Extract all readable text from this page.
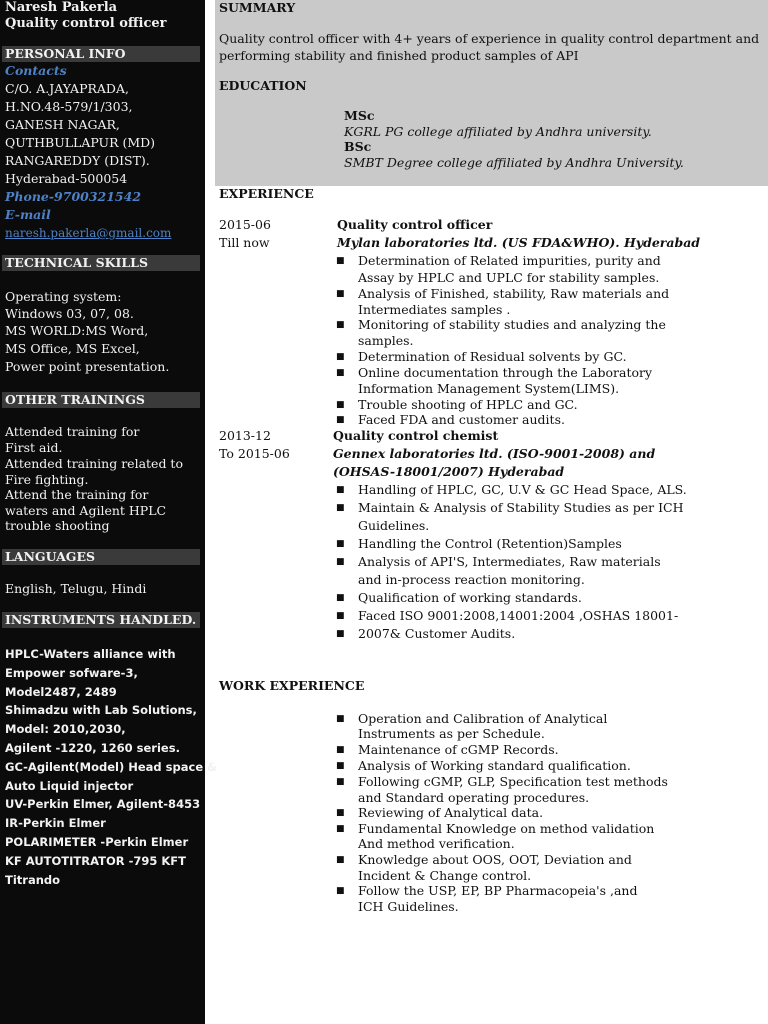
Naresh Pakerla
Quality control officer
PERSONAL INFO
Contacts
C/O. A.JAYAPRADA,
H.NO.48-579/1/303,
GANESH NAGAR,
QUTHBULLAPUR (MD)
RANGAREDDY (DIST).
Hyderabad-500054
Phone-9700321542
E-mail
naresh.pakerla@gmail.com
TECHNICAL SKILLS
Operating system:
Windows 03, 07, 08.
MS WORLD:MS Word,
MS Office, MS Excel,
Power point presentation.
OTHER TRAININGS
Attended training for
First aid.
Attended training related to
Fire fighting.
Attend the training for
waters and Agilent HPLC
trouble shooting
LANGUAGES
English, Telugu, Hindi
INSTRUMENTS HANDLED.
HPLC-Waters alliance with
Empower sofware-3,
Model2487, 2489
Shimadzu with Lab Solutions,
Model: 2010,2030,
Agilent -1220, 1260 series.
GC-Agilent(Model) Head space &
Auto Liquid injector
UV-Perkin Elmer, Agilent-8453
IR-Perkin Elmer
POLARIMETER -Perkin Elmer
KF AUTOTITRATOR -795 KFT
Titrando
SUMMARY
Quality control officer with 4+ years of experience in quality control department and
performing stability and finished product samples of API
EDUCATION
MSc
KGRL PG college affiliated by Andhra university.
BSc
SMBT Degree college affiliated by Andhra University.
EXPERIENCE
2015-06
Till now
Quality control officer
Mylan laboratories ltd. (US FDA&WHO). Hyderabad
■ Determination of Related impurities, purity and
Assay by HPLC and UPLC for stability samples.
■ Analysis of Finished, stability, Raw materials and
Intermediates samples .
■ Monitoring of stability studies and analyzing the
samples.
■ Determination of Residual solvents by GC.
■ Online documentation through the Laboratory
Information Management System(LIMS).
■ Trouble shooting of HPLC and GC.
■ Faced FDA and customer audits.
2013-12
To 2015-06
Quality control chemist
Gennex laboratories ltd. (ISO-9001-2008) and
(OHSAS-18001/2007) Hyderabad
■ Handling of HPLC, GC, U.V & GC Head Space, ALS.
■ Maintain & Analysis of Stability Studies as per ICH
Guidelines.
■ Handling the Control (Retention)Samples
■ Analysis of API'S, Intermediates, Raw materials
and in-process reaction monitoring.
■ Qualification of working standards.
■ Faced ISO 9001:2008,14001:2004 ,OSHAS 18001-
■ 2007& Customer Audits.
WORK EXPERIENCE
■ Operation and Calibration of Analytical
Instruments as per Schedule.
■ Maintenance of cGMP Records.
■ Analysis of Working standard qualification.
■ Following cGMP, GLP, Specification test methods
and Standard operating procedures.
■ Reviewing of Analytical data.
■ Fundamental Knowledge on method validation
And method verification.
■ Knowledge about OOS, OOT, Deviation and
Incident & Change control.
■ Follow the USP, EP, BP Pharmacopeia's ,and
ICH Guidelines.
